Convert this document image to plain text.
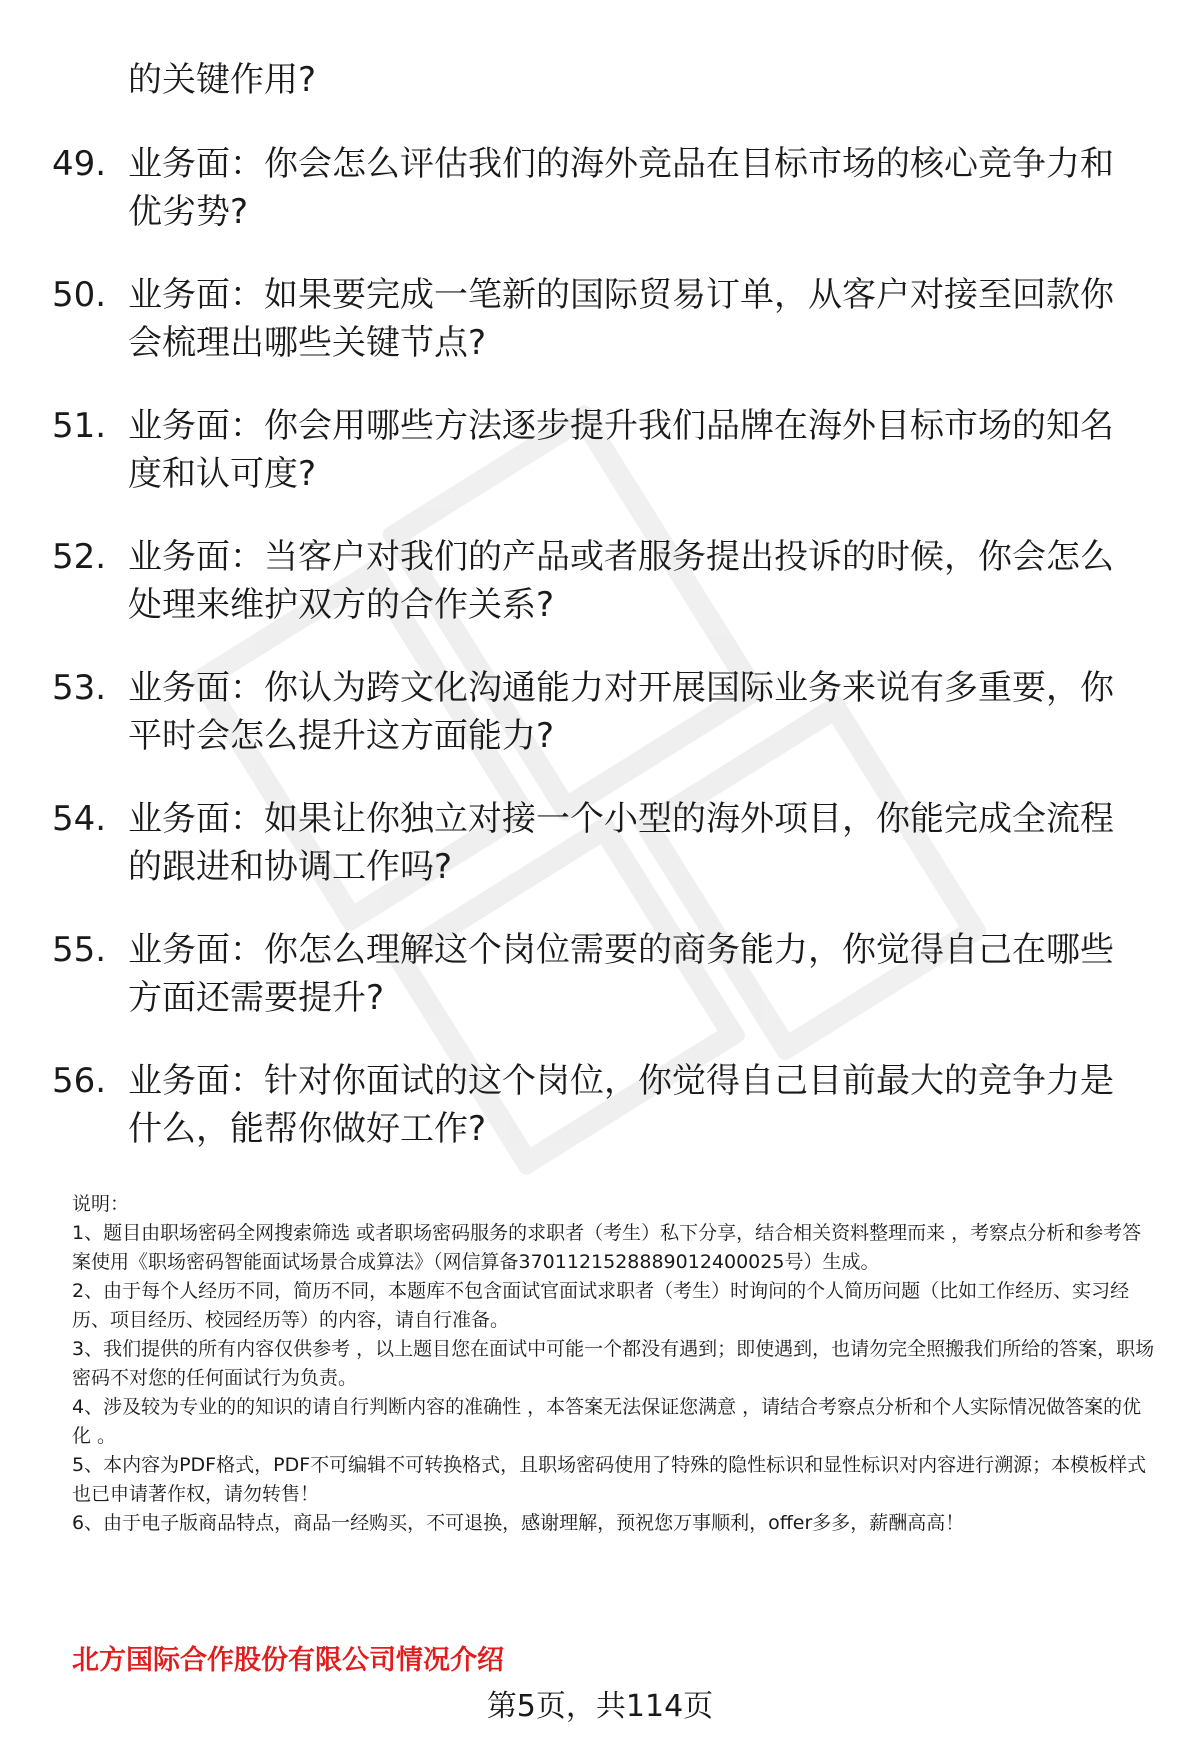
的关键作用?

49. 业务面：你会怎么评估我们的海外竞品在目标市场的核心竞争力和优劣势?
50. 业务面：如果要完成一笔新的国际贸易订单，从客户对接至回款你会梳理出哪些关键节点?
51. 业务面：你会用哪些方法逐步提升我们品牌在海外目标市场的知名度和认可度?
52. 业务面：当客户对我们的产品或者服务提出投诉的时候，你会怎么处理来维护双方的合作关系?
53. 业务面：你认为跨文化沟通能力对开展国际业务来说有多重要，你平时会怎么提升这方面能力?
54. 业务面：如果让你独立对接一个小型的海外项目，你能完成全流程的跟进和协调工作吗?
55. 业务面：你怎么理解这个岗位需要的商务能力，你觉得自己在哪些方面还需要提升?
56. 业务面：针对你面试的这个岗位，你觉得自己目前最大的竞争力是什么，能帮你做好工作?

说明：

1、题目由职场密码全网搜索筛选 或者职场密码服务的求职者（考生）私下分享，结合相关资料整理而来 ，考察点分析和参考答案使用《职场密码智能面试场景合成算法》（网信算备3701121528889012400025号）生成。

2、由于每个人经历不同，简历不同，本题库不包含面试官面试求职者（考生）时询问的个人简历问题（比如工作经历、实习经历、项目经历、校园经历等）的内容，请自行准备。

3、我们提供的所有内容仅供参考 ，以上题目您在面试中可能一个都没有遇到；即使遇到，也请勿完全照搬我们所给的答案，职场密码不对您的任何面试行为负责。

4、涉及较为专业的的知识的请自行判断内容的准确性 ，本答案无法保证您满意 ，请结合考察点分析和个人实际情况做答案的优化 。

5、本内容为PDF格式，PDF不可编辑不可转换格式，且职场密码使用了特殊的隐性标识和显性标识对内容进行溯源；本模板样式也已申请著作权，请勿转售！

6、由于电子版商品特点，商品一经购买，不可退换，感谢理解，预祝您万事顺利，offer多多，薪酬高高！

北方国际合作股份有限公司情况介绍
第5页，共114页
